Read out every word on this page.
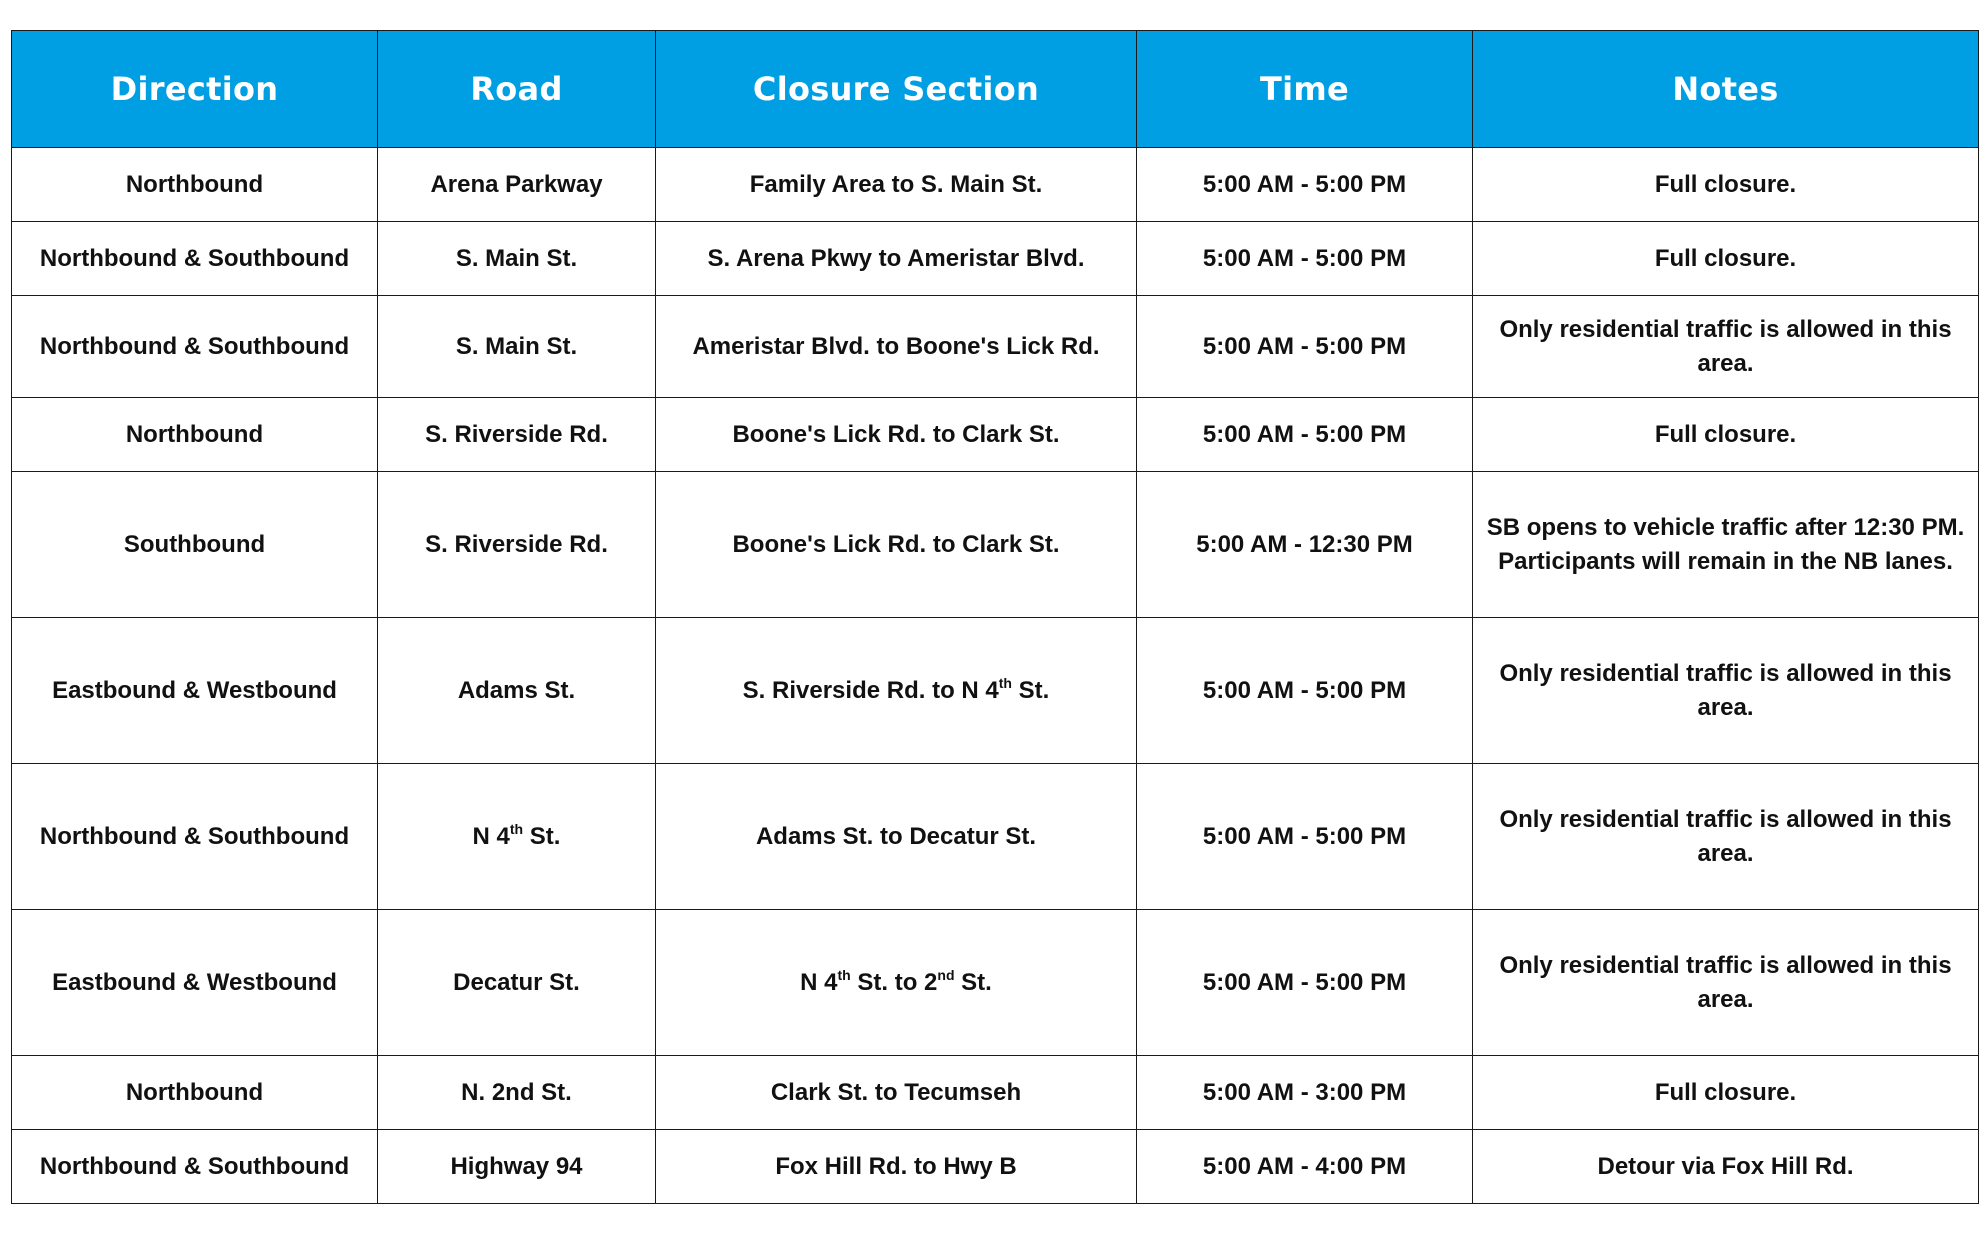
Direction	Road	Closure Section	Time	Notes
Northbound	Arena Parkway	Family Area to S. Main St.	5:00 AM - 5:00 PM	Full closure.

Northbound & Southbound	S. Main St.	S. Arena Pkwy to Ameristar Blvd.	5:00 AM - 5:00 PM	Full closure.

Northbound & Southbound	S. Main St.	Ameristar Blvd. to Boone's Lick Rd.	5:00 AM - 5:00 PM	Only residential traffic is allowed in this
area.

Northbound	S. Riverside Rd.	Boone's Lick Rd. to Clark St.	5:00 AM - 5:00 PM	Full closure.

Southbound	S. Riverside Rd.	Boone's Lick Rd. to Clark St.	5:00 AM - 12:30 PM	SB opens to vehicle traffic after 12:30 PM.
Participants will remain in the NB lanes.

Eastbound & Westbound	Adams St.	S. Riverside Rd. to N 4th St.	5:00 AM - 5:00 PM	Only residential traffic is allowed in this
area.

Northbound & Southbound	N 4th St.	Adams St. to Decatur St.	5:00 AM - 5:00 PM	Only residential traffic is allowed in this
area.

Eastbound & Westbound	Decatur St.	N 4th St. to 2nd St.	5:00 AM - 5:00 PM	Only residential traffic is allowed in this
area.

Northbound	N. 2nd St.	Clark St. to Tecumseh	5:00 AM - 3:00 PM	Full closure.

Northbound & Southbound	Highway 94	Fox Hill Rd. to Hwy B	5:00 AM - 4:00 PM	Detour via Fox Hill Rd.
